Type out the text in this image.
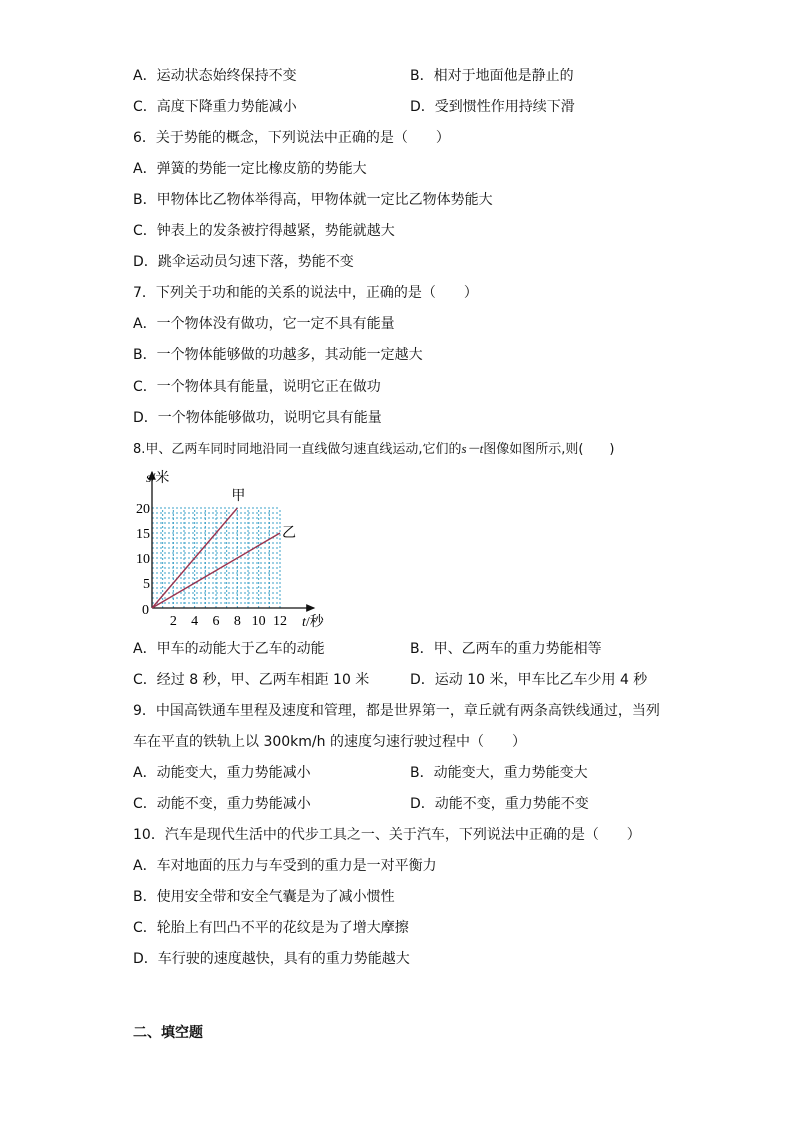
A．运动状态始终保持不变	B．相对于地面他是静止的
C．高度下降重力势能减小	D．受到惯性作用持续下滑
6．关于势能的概念，下列说法中正确的是（　　）
A．弹簧的势能一定比橡皮筋的势能大
B．甲物体比乙物体举得高，甲物体就一定比乙物体势能大
C．钟表上的发条被拧得越紧，势能就越大
D．跳伞运动员匀速下落，势能不变
7．下列关于功和能的关系的说法中，正确的是（　　）
A．一个物体没有做功，它一定不具有能量
B．一个物体能够做的功越多，其动能一定越大
C．一个物体具有能量，说明它正在做功
D．一个物体能够做功，说明它具有能量
8.甲、乙两车同时同地沿同一直线做匀速直线运动,它们的s－t图像如图所示,则(　　)
2 4 6 8 10 12
5
10
15
20
甲
乙
s/米
t/秒
0
A．甲车的动能大于乙车的动能	B．甲、乙两车的重力势能相等
C．经过 8 秒，甲、乙两车相距 10 米	D．运动 10 米，甲车比乙车少用 4 秒
9．中国高铁通车里程及速度和管理，都是世界第一，章丘就有两条高铁线通过，当列
车在平直的铁轨上以 300km/h 的速度匀速行驶过程中（　　）
A．动能变大，重力势能减小	B．动能变大，重力势能变大
C．动能不变，重力势能减小	D．动能不变，重力势能不变
10．汽车是现代生活中的代步工具之一、关于汽车，下列说法中正确的是（　　）
A．车对地面的压力与车受到的重力是一对平衡力
B．使用安全带和安全气囊是为了减小惯性
C．轮胎上有凹凸不平的花纹是为了增大摩擦
D．车行驶的速度越快，具有的重力势能越大
二、填空题
